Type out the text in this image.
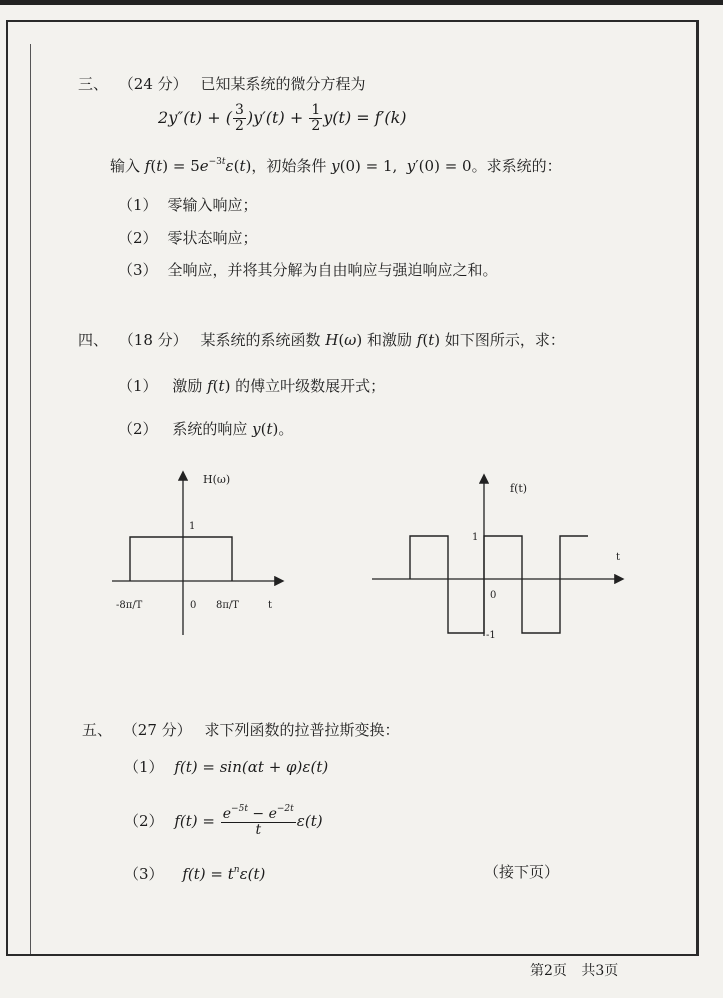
三、 （24 分） 已知某系统的微分方程为
2y″(t) + ( $\frac{3}{2} )y'(t) + \frac{1}{2} y(t) = f'(k)$
输入 $f(t) = 5e^{-3t}\varepsilon(t)$，初始条件 y(0) = 1,  y′(0) = 0。求系统的：
（1） 零输入响应；
（2） 零状态响应；
（3） 全响应，并将其分解为自由响应与强迫响应之和。
四、 （18 分） 某系统的系统函数 H(ω) 和激励 f(t) 如下图所示，求：
（1） 激励 f(t) 的傅立叶级数展开式；
（2） 系统的响应 y(t)。
H(ω)
1
-8π/T	0 8π/T	t
f(t)
1
0
-1
t
五、 （27 分） 求下列函数的拉普拉斯变换：
（1） f(t) = sin(αt + φ)ε(t)
（2） $f(t) = \frac{e^{-5t} - e^{-2t}}{t} \varepsilon(t)$
（3） $f(t) = t^n\varepsilon(t)$	（接下页）
第2页 共3页
